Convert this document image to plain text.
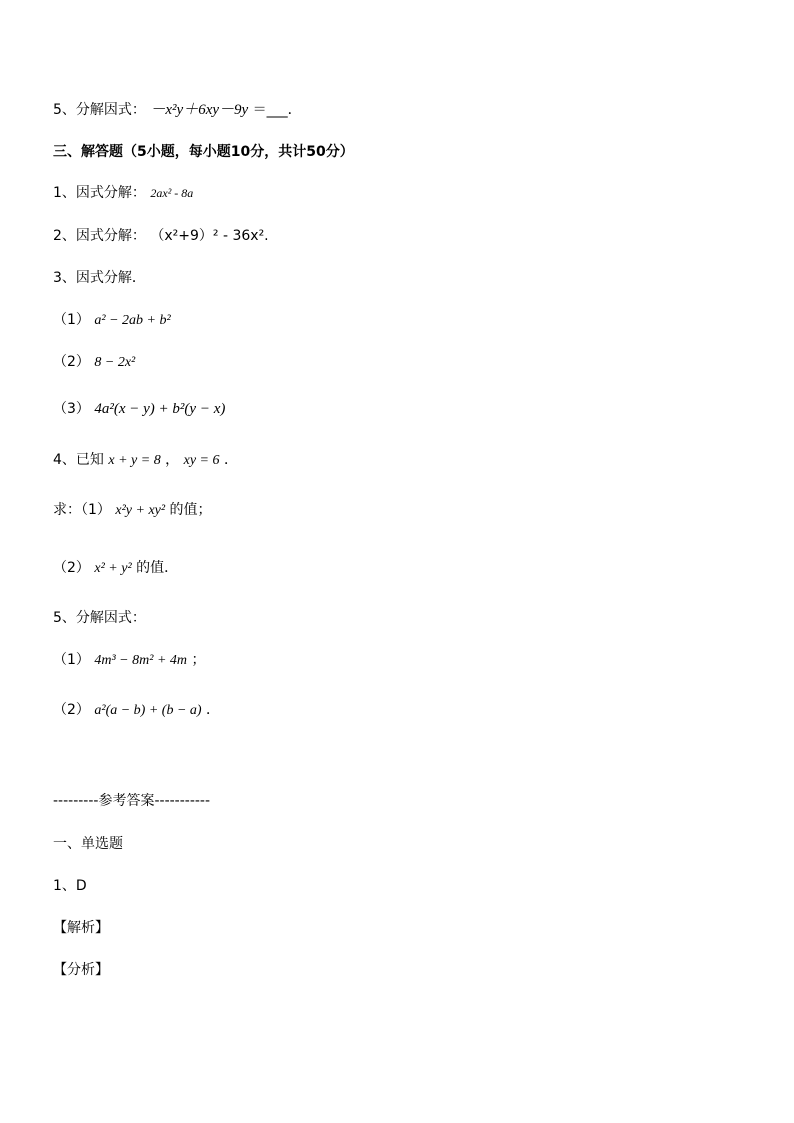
5、分解因式： －x²y＋6xy－9y ＝___．
三、解答题（5小题，每小题10分，共计50分）
1、因式分解： 2ax² - 8a
2、因式分解： （x²+9）² - 36x².
3、因式分解．
（1） a² − 2ab + b²
（2） 8 − 2x²
（3） 4a²(x − y) + b²(y − x)
4、已知 x + y = 8 ， xy = 6 ．
求：（1） x²y + xy² 的值；
（2） x² + y² 的值．
5、分解因式：
（1） 4m³ − 8m² + 4m ；
（2） a²(a − b) + (b − a) ．
---------参考答案-----------
一、单选题
1、D
【解析】
【分析】
